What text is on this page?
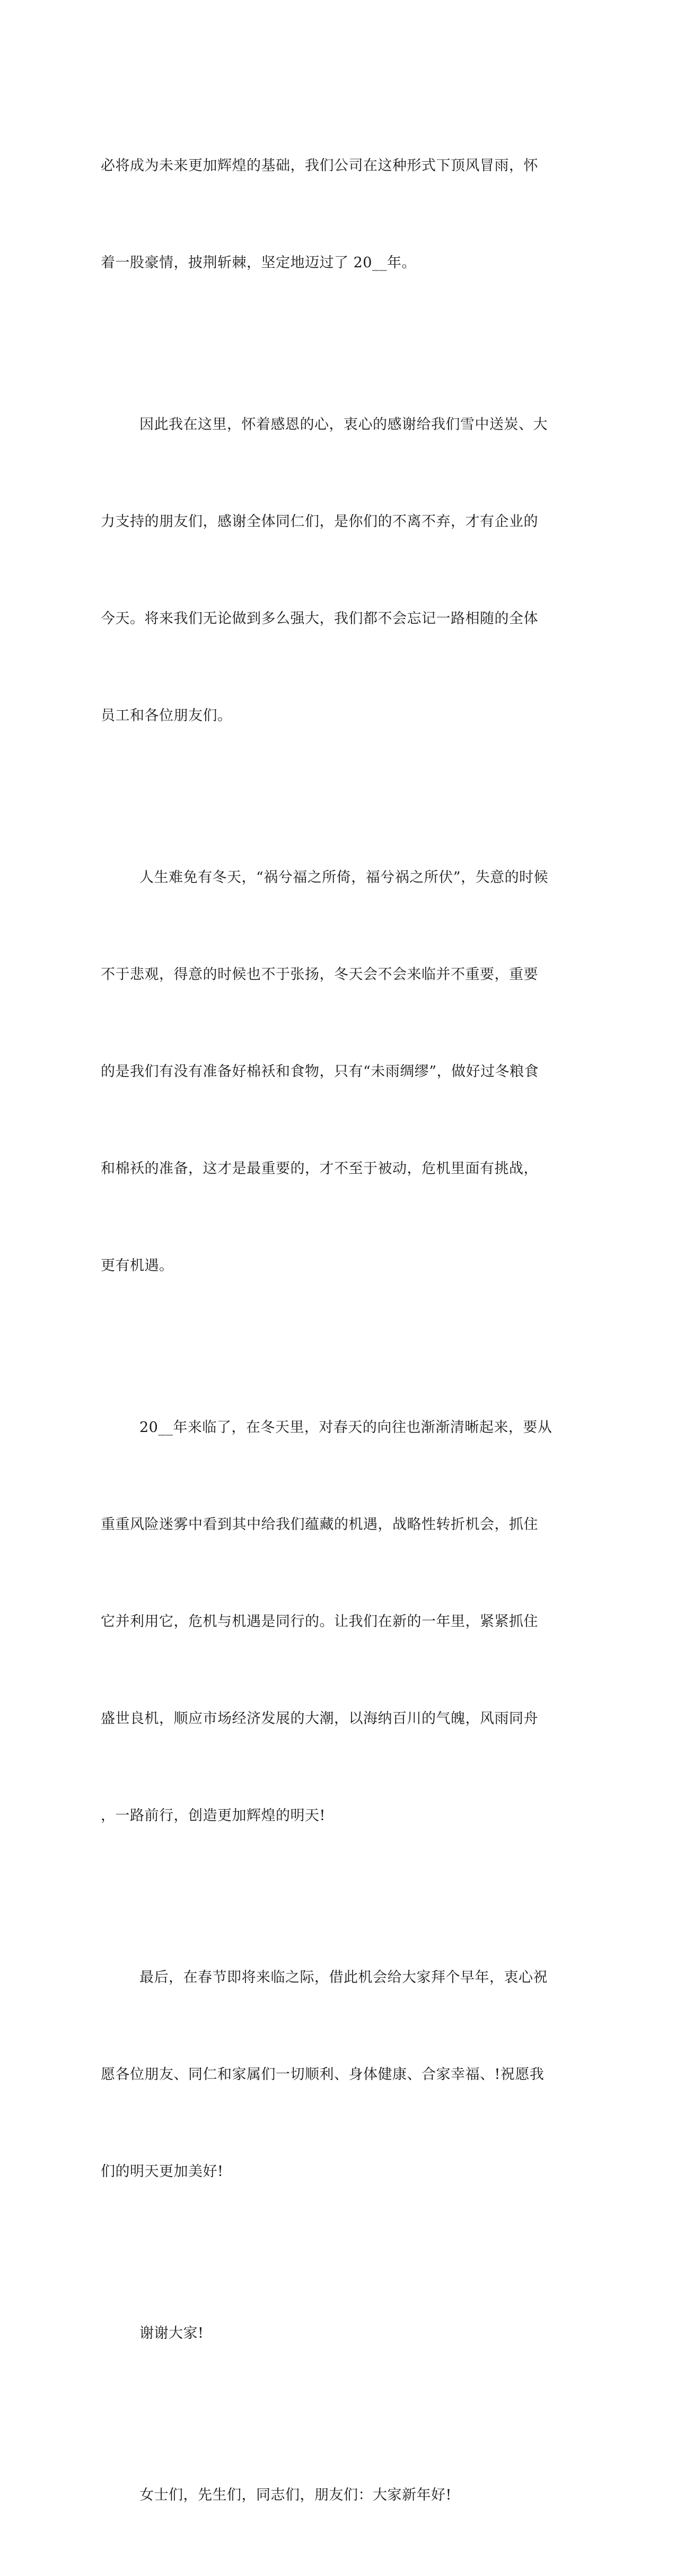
必将成为未来更加辉煌的基础，我们公司在这种形式下顶风冒雨，怀

着一股豪情，披荆斩棘，坚定地迈过了 20__年。

因此我在这里，怀着感恩的心，衷心的感谢给我们雪中送炭、大

力支持的朋友们，感谢全体同仁们，是你们的不离不弃，才有企业的

今天。将来我们无论做到多么强大，我们都不会忘记一路相随的全体

员工和各位朋友们。

人生难免有冬天，“祸兮福之所倚，福兮祸之所伏”，失意的时候

不于悲观，得意的时候也不于张扬，冬天会不会来临并不重要，重要

的是我们有没有准备好棉袄和食物，只有“未雨绸缪”，做好过冬粮食

和棉袄的准备，这才是最重要的，才不至于被动，危机里面有挑战，

更有机遇。

20__年来临了，在冬天里，对春天的向往也渐渐清晰起来，要从

重重风险迷雾中看到其中给我们蕴藏的机遇，战略性转折机会，抓住

它并利用它，危机与机遇是同行的。让我们在新的一年里，紧紧抓住

盛世良机，顺应市场经济发展的大潮，以海纳百川的气魄，风雨同舟

，一路前行，创造更加辉煌的明天!

最后，在春节即将来临之际，借此机会给大家拜个早年，衷心祝

愿各位朋友、同仁和家属们一切顺利、身体健康、合家幸福、!祝愿我

们的明天更加美好!

谢谢大家!

女士们，先生们，同志们，朋友们：大家新年好!
